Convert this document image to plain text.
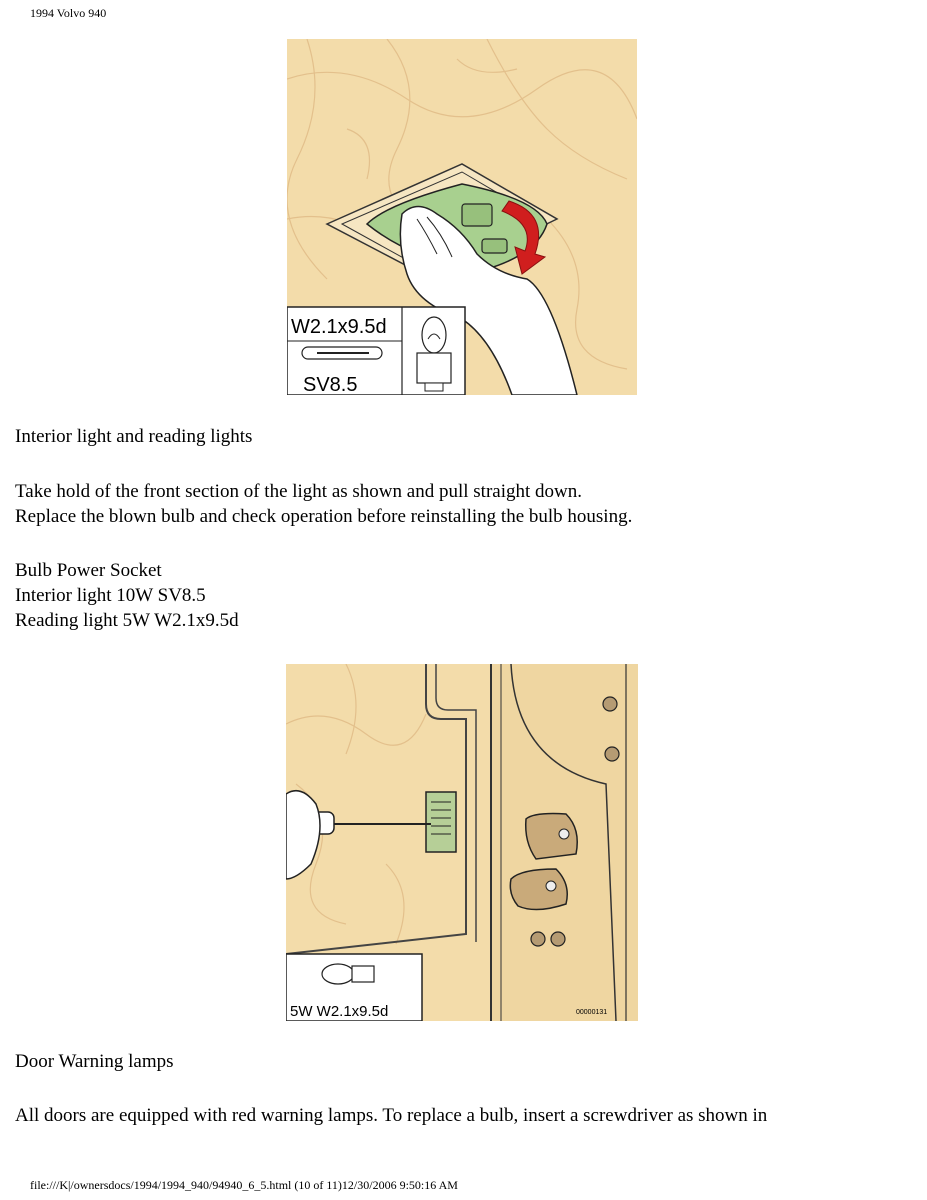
1994 Volvo 940
W2.1x9.5d
SV8.5
Interior light and reading lights
Take hold of the front section of the light as shown and pull straight down.
Replace the blown bulb and check operation before reinstalling the bulb housing.
Bulb Power Socket
Interior light 10W SV8.5
Reading light 5W W2.1x9.5d
5W W2.1x9.5d	00000131
Door Warning lamps
All doors are equipped with red warning lamps. To replace a bulb, insert a screwdriver as shown in
file:///K|/ownersdocs/1994/1994_940/94940_6_5.html (10 of 11)12/30/2006 9:50:16 AM
